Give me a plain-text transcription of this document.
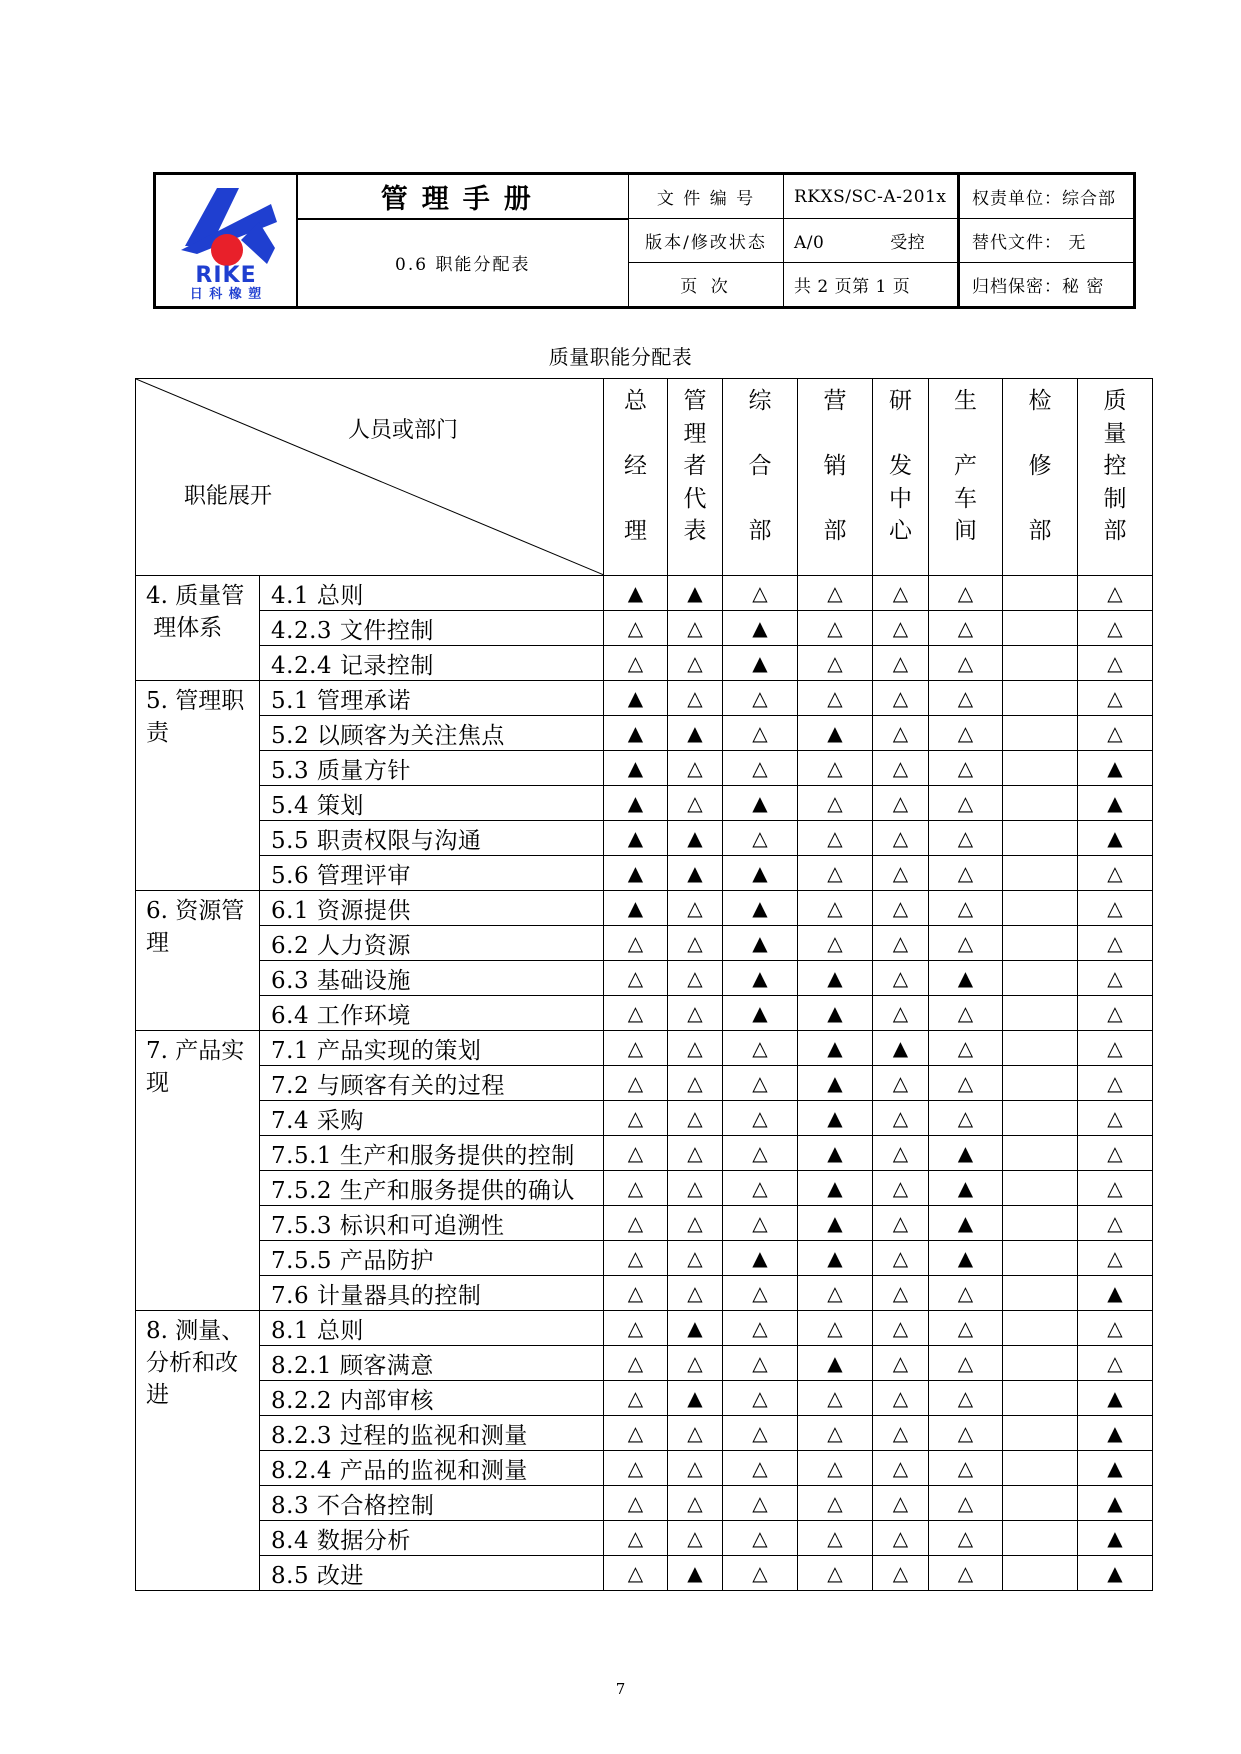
RIKE
日 科 橡 塑	管理手册	文 件 编 号	RKXS/SC-A-201x	权责单位：综合部
	0.6 职能分配表	版本/修改状态	A/0 受控	替代文件： 无
		页 次	共 2 页第 1 页	归档保密：秘 密
质量职能分配表
人员或部门
职能展开		总

经

理	管
理
者
代
表	综

合

部	营

销

部	研

发
中
心	生

产
车
间	检

修

部	质
量
控
制
部

4. 质量管
理体系	4.1 总则	▲	▲	△	△	△	△		△
	4.2.3 文件控制	△	△	▲	△	△	△		△
	4.2.4 记录控制	△	△	▲	△	△	△		△
5. 管理职
责	5.1 管理承诺	▲	△	△	△	△	△		△
	5.2 以顾客为关注焦点	▲	▲	△	▲	△	△		△
	5.3 质量方针	▲	△	△	△	△	△		▲
	5.4 策划	▲	△	▲	△	△	△		▲
	5.5 职责权限与沟通	▲	▲	△	△	△	△		▲
	5.6 管理评审	▲	▲	▲	△	△	△		△
6. 资源管
理	6.1 资源提供	▲	△	▲	△	△	△		△
	6.2 人力资源	△	△	▲	△	△	△		△
	6.3 基础设施	△	△	▲	▲	△	▲		△
	6.4 工作环境	△	△	▲	▲	△	△		△
7. 产品实
现	7.1 产品实现的策划	△	△	△	▲	▲	△		△
	7.2 与顾客有关的过程	△	△	△	▲	△	△		△
	7.4 采购	△	△	△	▲	△	△		△
	7.5.1 生产和服务提供的控制	△	△	△	▲	△	▲		△
	7.5.2 生产和服务提供的确认	△	△	△	▲	△	▲		△
	7.5.3 标识和可追溯性	△	△	△	▲	△	▲		△
	7.5.5 产品防护	△	△	▲	▲	△	▲		△
	7.6 计量器具的控制	△	△	△	△	△	△		▲
8. 测量、
分析和改
进	8.1 总则	△	▲	△	△	△	△		△
	8.2.1 顾客满意	△	△	△	▲	△	△		△
	8.2.2 内部审核	△	▲	△	△	△	△		▲
	8.2.3 过程的监视和测量	△	△	△	△	△	△		▲
	8.2.4 产品的监视和测量	△	△	△	△	△	△		▲
	8.3 不合格控制	△	△	△	△	△	△		▲
	8.4 数据分析	△	△	△	△	△	△		▲
	8.5 改进	△	▲	△	△	△	△		▲
7
